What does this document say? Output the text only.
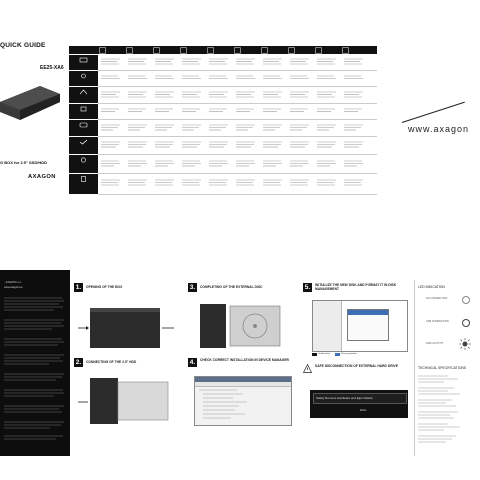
QUICK GUIDE
EE25-XA6
G BOX for 2.5" SSD/HDD
AXAGON
www.axagon
...AXAGON s.r.o.
www.axagon.eu	1.	OPENING OF THE BOX
2.	CONNECTING OF THE 2.5" HDD
3.	COMPLETING OF THE EXTERNAL DISC
4.	CHECK CORRECT INSTALLATION IN DEVICE MANAGER
5.	INITIALIZE THE NEW DISK AND FORMAT IT IN DISK MANAGEMENT
Unallocated	Primary partition
SAFE DISCONNECTION OF EXTERNAL HARD DRIVE
Safely Remove Hardware and Eject Media
ENG
LED INDICATION
NO CONNECTION
USB CONNECTION
DISK ACTIVITY
TECHNICAL SPECIFICATIONS
